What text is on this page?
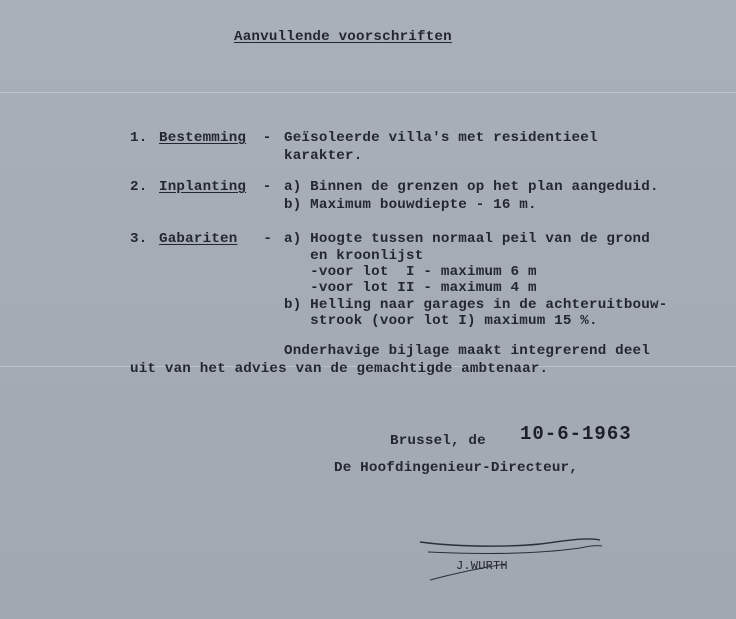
Aanvullende voorschriften
1. Bestemming - Geïsoleerde villa's met residentieel
karakter.
2. Inplanting - a) Binnen de grenzen op het plan aangeduid.
b) Maximum bouwdiepte - 16 m.
3. Gabariten - a) Hoogte tussen normaal peil van de grond
en kroonlijst
-voor lot  I - maximum 6 m
-voor lot II - maximum 4 m
b) Helling naar garages in de achteruitbouw-
strook (voor lot I) maximum 15 %.
Onderhavige bijlage maakt integrerend deel
uit van het advies van de gemachtigde ambtenaar.
Brussel, de 10-6-1963
De Hoofdingenieur-Directeur,
J.WURTH
